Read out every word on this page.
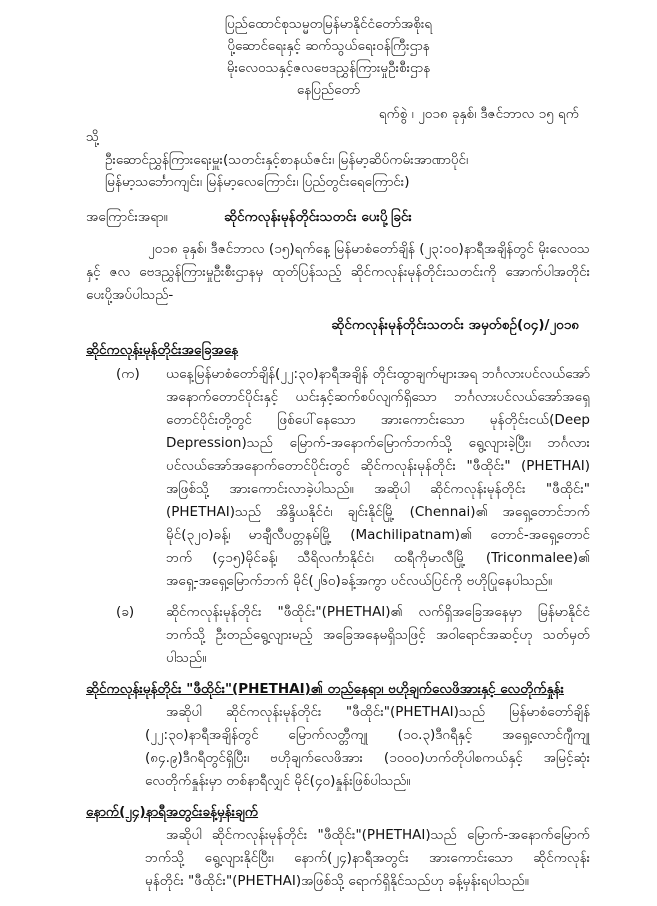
ပြည်ထောင်စုသမ္မတမြန်မာနိုင်ငံတော်အစိုးရ
ပို့ဆောင်ရေးနှင့် ဆက်သွယ်ရေးဝန်ကြီးဌာန
မိုးလေဝသနှင့်ဇလဗေဒညွှန်ကြားမှုဦးစီးဌာန
နေပြည်တော်
ရက်စွဲ ၊ ၂၀၁၈ ခုနှစ်၊ ဒီဇင်ဘာလ ၁၅ ရက်
သို့
ဦးဆောင်ညွှန်ကြားရေးမှူး(သတင်းနှင့်စာနယ်ဇင်း၊ မြန်မာ့ဆိပ်ကမ်းအာဏာပိုင်၊
မြန်မာ့သင်္ဘောကျင်း၊ မြန်မာ့လေကြောင်း၊ ပြည်တွင်းရေကြောင်း)
အကြောင်းအရာ။	ဆိုင်ကလုန်းမုန်တိုင်းသတင်း ပေးပို့ခြင်း
၂၀၁၈ ခုနှစ်၊ ဒီဇင်ဘာလ (၁၅)ရက်နေ့ မြန်မာစံတော်ချိန် (၂၃:၀၀)နာရီအချိန်တွင် မိုးလေဝသ
နှင့် ဇလ ဗေဒညွှန်ကြားမှုဦးစီးဌာနမှ ထုတ်ပြန်သည့် ဆိုင်ကလုန်းမုန်တိုင်းသတင်းကို အောက်ပါအတိုင်း
ပေးပို့အပ်ပါသည်-
ဆိုင်ကလုန်းမုန်တိုင်းသတင်း အမှတ်စဉ်(၀၄)/၂၀၁၈
ဆိုင်ကလုန်းမုန်တိုင်းအခြေအနေ
(က) ယနေ့မြန်မာစံတော်ချိန်(၂၂:၃၀)နာရီအချိန် တိုင်းထွာချက်များအရ ဘင်္ဂလားပင်လယ်အော်
အနောက်တောင်ပိုင်းနှင့် ယင်းနှင့်ဆက်စပ်လျက်ရှိသော ဘင်္ဂလားပင်လယ်အော်အရှေ့
တောင်ပိုင်းတို့တွင် ဖြစ်ပေါ်နေသော အားကောင်းသော မုန်တိုင်းငယ်(Deep
Depression)သည် မြောက်-အနောက်မြောက်ဘက်သို့ ရွေ့လျားခဲ့ပြီး၊ ဘင်္ဂလား
ပင်လယ်အော်အနောက်တောင်ပိုင်းတွင် ဆိုင်ကလုန်းမုန်တိုင်း "ဖီထိုင်း" (PHETHAI)
အဖြစ်သို့ အားကောင်းလာခဲ့ပါသည်။ အဆိုပါ ဆိုင်ကလုန်းမုန်တိုင်း "ဖီထိုင်း"
(PHETHAI)သည် အိန္ဒိယနိုင်ငံ၊ ချင်းနိုင်မြို့ (Chennai)၏ အရှေ့တောင်ဘက်
မိုင်(၃၂၀)ခန့်၊ မာချီလီပတ္တနမ်မြို့ (Machilipatnam)၏ တောင်-အရှေ့တောင်
ဘက် (၄၁၅)မိုင်ခန့်၊ သီရိလင်္ကာနိုင်ငံ၊ ထရီကိုမာလီမြို့ (Triconmalee)၏
အရှေ့-အရှေ့မြောက်ဘက် မိုင်(၂၆၀)ခန့်အကွာ ပင်လယ်ပြင်ကို ဗဟိုပြုနေပါသည်။
(ခ) ဆိုင်ကလုန်းမုန်တိုင်း "ဖီထိုင်း"(PHETHAI)၏ လက်ရှိအခြေအနေမှာ မြန်မာနိုင်ငံ
ဘက်သို့ ဦးတည်ရွေ့လျားမည့် အခြေအနေမရှိသဖြင့် အဝါရောင်အဆင့်ဟု သတ်မှတ်
ပါသည်။
ဆိုင်ကလုန်းမုန်တိုင်း "ဖီထိုင်း"(PHETHAI)၏ တည်နေရာ၊ ဗဟိုချက်လေဖိအားနှင့် လေတိုက်နှုန်း
အဆိုပါ ဆိုင်ကလုန်းမုန်တိုင်း "ဖီထိုင်း"(PHETHAI)သည် မြန်မာစံတော်ချိန်
(၂၂:၃၀)နာရီအချိန်တွင် မြောက်လတ္တီကျု (၁၀.၃)ဒီဂရီနှင့် အရှေ့လောင်ဂျီကျု
(၈၄.၉)ဒီဂရီတွင်ရှိပြီး၊ ဗဟိုချက်လေဖိအား (၁၀၀၀)ဟက်တိုပါစကယ်နှင့် အမြင့်ဆုံး
လေတိုက်နှုန်းမှာ တစ်နာရီလျှင် မိုင်(၄၀)နှုန်းဖြစ်ပါသည်။
နောက်(၂၄)နာရီအတွင်းခန့်မှန်းချက်
အဆိုပါ ဆိုင်ကလုန်းမုန်တိုင်း "ဖီထိုင်း"(PHETHAI)သည် မြောက်-အနောက်မြောက်
ဘက်သို့ ရွေ့လျားနိုင်ပြီး၊ နောက်(၂၄)နာရီအတွင်း အားကောင်းသော ဆိုင်ကလုန်း
မုန်တိုင်း "ဖီထိုင်း"(PHETHAI)အဖြစ်သို့ ရောက်ရှိနိုင်သည်ဟု ခန့်မှန်းရပါသည်။
